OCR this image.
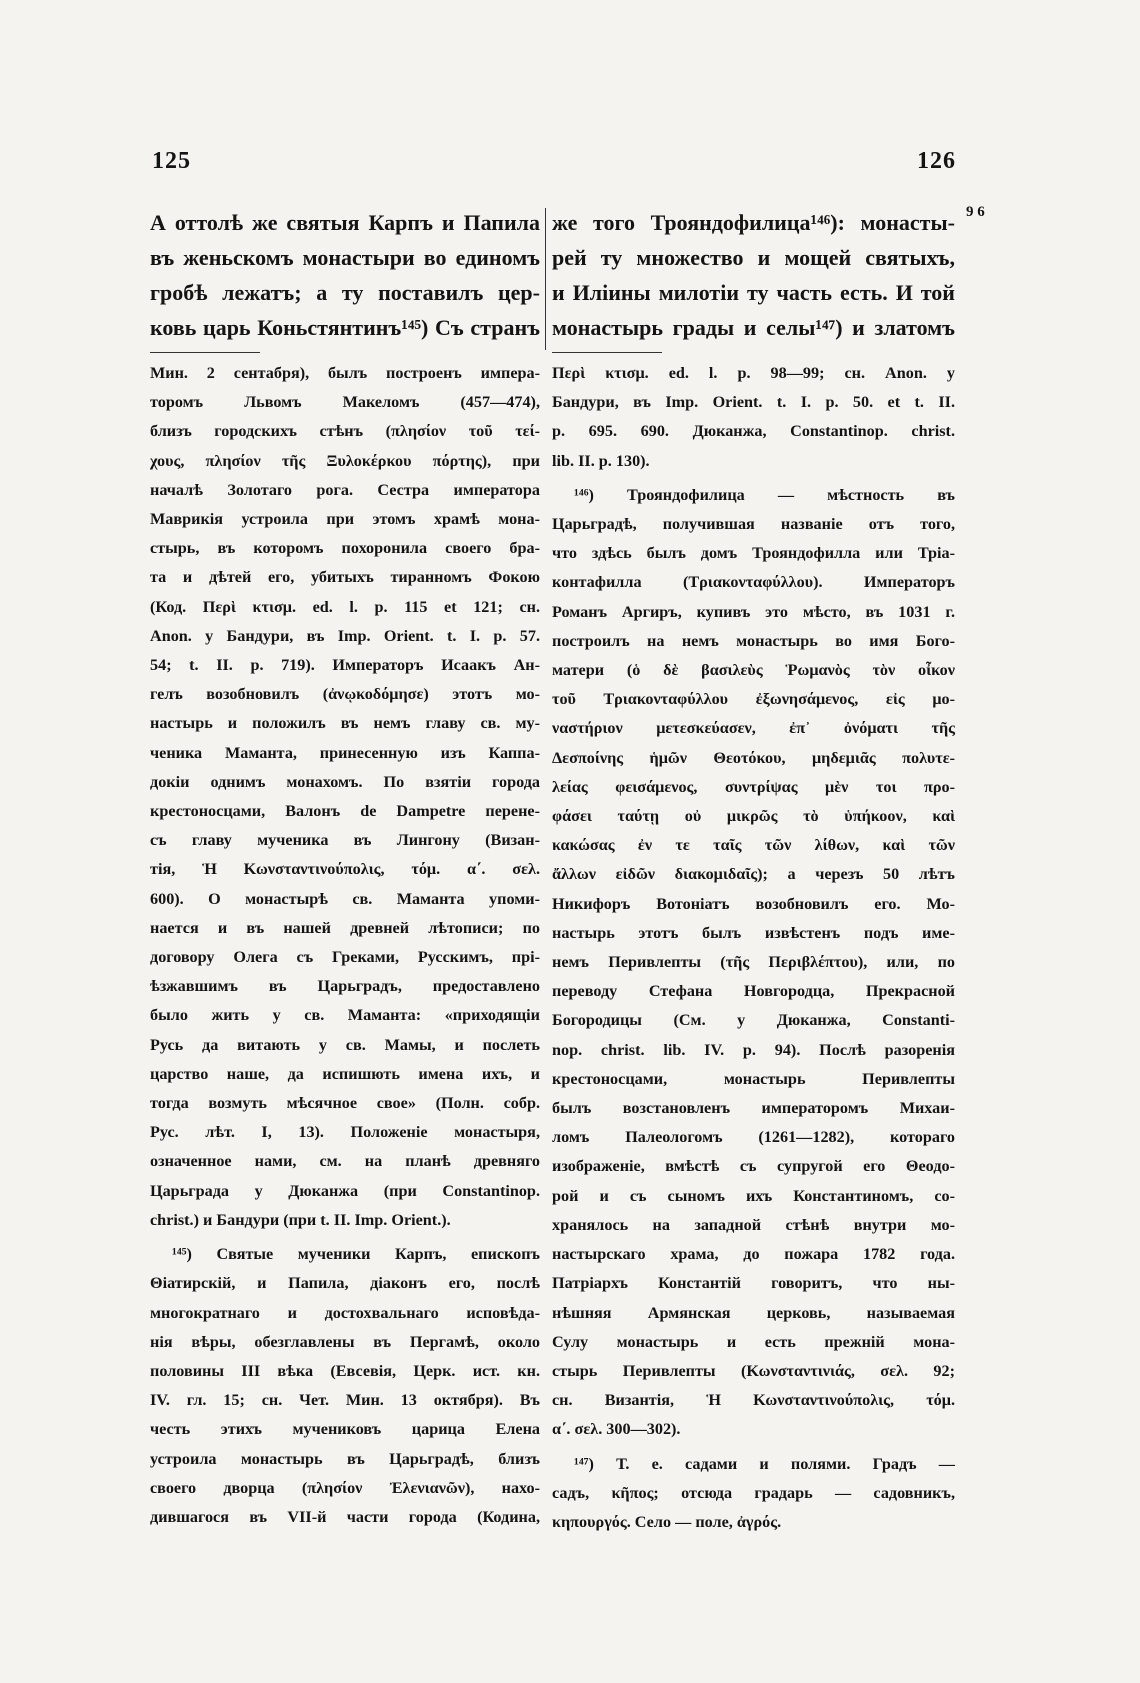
125	126
9 6
А оттолѣ же святыя Карпъ и Папила
въ женьскомъ монастыри во единомъ
гробѣ лежатъ; а ту поставилъ цер-
ковь царь Коньстянтинъ¹⁴⁵) Съ странъ
Мин. 2 сентабря), былъ построенъ импера-
торомъ Львомъ Макеломъ (457—474),
близъ городскихъ стѣнъ (πλησίον τοῦ τεί-
χους, πλησίον τῆς Ξυλοκέρκου πόρτης), при
началѣ Золотаго рога. Сестра императора
Маврикія устроила при этомъ храмѣ мона-
стырь, въ которомъ похоронила своего бра-
та и дѣтей его, убитыхъ тиранномъ Фокою
(Код. Περὶ κτισμ. ed. l. p. 115 et 121; сн.
Anon. у Бандури, въ Imp. Orient. t. I. p. 57.
54; t. II. p. 719). Императоръ Исаакъ Ан-
гелъ возобновилъ (ἀνῳκοδόμησε) этотъ мо-
настырь и положилъ въ немъ главу св. му-
ченика Маманта, принесенную изъ Каппа-
докіи однимъ монахомъ. По взятіи города
крестоносцами, Валонъ de Dampetre перене-
съ главу мученика въ Лингону (Визан-
тія, Ἡ Κωνσταντινούπολις, τόμ. α΄. σελ.
600). О монастырѣ св. Маманта упоми-
нается и въ нашей древней лѣтописи; по
договору Олега съ Греками, Русскимъ, прі-
ѣзжавшимъ въ Царьградъ, предоставлено
было жить у св. Маманта: «приходящіи
Русь да витають у св. Мамы, и послеть
царство наше, да испишють имена ихъ, и
тогда возмуть мѣсячное свое» (Полн. собр.
Рус. лѣт. I, 13). Положеніе монастыря,
означенное нами, см. на планѣ древняго
Царьграда у Дюканжа (при Constantinop.
christ.) и Бандури (при t. II. Imp. Orient.).
¹⁴⁵) Святые мученики Карпъ, епископъ
Θіатирскій, и Папила, діаконъ его, послѣ
многократнаго и достохвальнаго исповѣда-
нія вѣры, обезглавлены въ Пергамѣ, около
половины III вѣка (Евсевія, Церк. ист. кн.
IV. гл. 15; сн. Чет. Мин. 13 октября). Въ
честь этихъ мучениковъ царица Елена
устроила монастырь въ Царьградѣ, близъ
своего дворца (πλησίον Ἐλενιανῶν), нахо-
дившагося въ VII-й части города (Кодина,
же того Трояндофилица¹⁴⁶): монасты-
рей ту множество и мощей святыхъ,
и Иліины милотіи ту часть есть. И той
монастырь грады и селы¹⁴⁷) и златомъ
Περὶ κτισμ. ed. l. p. 98—99; сн. Anon. у
Бандури, въ Imp. Orient. t. I. p. 50. et t. II.
p. 695. 690. Дюканжа, Constantinop. christ.
lib. II. p. 130).
¹⁴⁶) Трояндофилица — мѣстность въ
Царьградѣ, получившая названіе отъ того,
что здѣсь былъ домъ Трояндофилла или Тріа-
контафилла (Τριακονταφύλλου). Императоръ
Романъ Аргиръ, купивъ это мѣсто, въ 1031 г.
построилъ на немъ монастырь во имя Бого-
матери (ὁ δὲ βασιλεὺς Ῥωμανὸς τὸν οἶκον
τοῦ Τριακονταφύλλου ἐξωνησάμενος, εἰς μο-
ναστήριον μετεσκεύασεν, ἐπ᾽ ὀνόματι τῆς
Δεσποίνης ἡμῶν Θεοτόκου, μηδεμιᾶς πολυτε-
λείας φεισάμενος, συντρίψας μὲν τοι προ-
φάσει ταύτῃ οὐ μικρῶς τὸ ὑπήκοον, καὶ
κακώσας ἐν τε ταῖς τῶν λίθων, καὶ τῶν
ἄλλων εἰδῶν διακομιδαῖς); а черезъ 50 лѣтъ
Никифоръ Вотоніатъ возобновилъ его. Мо-
настырь этотъ былъ извѣстенъ подъ име-
немъ Перивлепты (τῆς Περιβλέπτου), или, по
переводу Стефана Новгородца, Прекрасной
Богородицы (См. у Дюканжа, Constanti-
nop. christ. lib. IV. p. 94). Послѣ разоренія
крестоносцами, монастырь Перивлепты
былъ возстановленъ императоромъ Михаи-
ломъ Палеологомъ (1261—1282), котораго
изображеніе, вмѣстѣ съ супругой его Θеодо-
рой и съ сыномъ ихъ Константиномъ, со-
хранялось на западной стѣнѣ внутри мо-
настырскаго храма, до пожара 1782 года.
Патріархъ Константій говоритъ, что ны-
нѣшняя Армянская церковь, называемая
Сулу монастырь и есть прежній мона-
стырь Перивлепты (Κωνσταντινιάς, σελ. 92;
сн. Византія, Ἡ Κωνσταντινούπολις, τόμ.
α΄. σελ. 300—302).
¹⁴⁷) Т. е. садами и полями. Градъ —
садъ, κῆπος; отсюда градарь — садовникъ,
κηπουργός. Село — поле, ἀγρός.
